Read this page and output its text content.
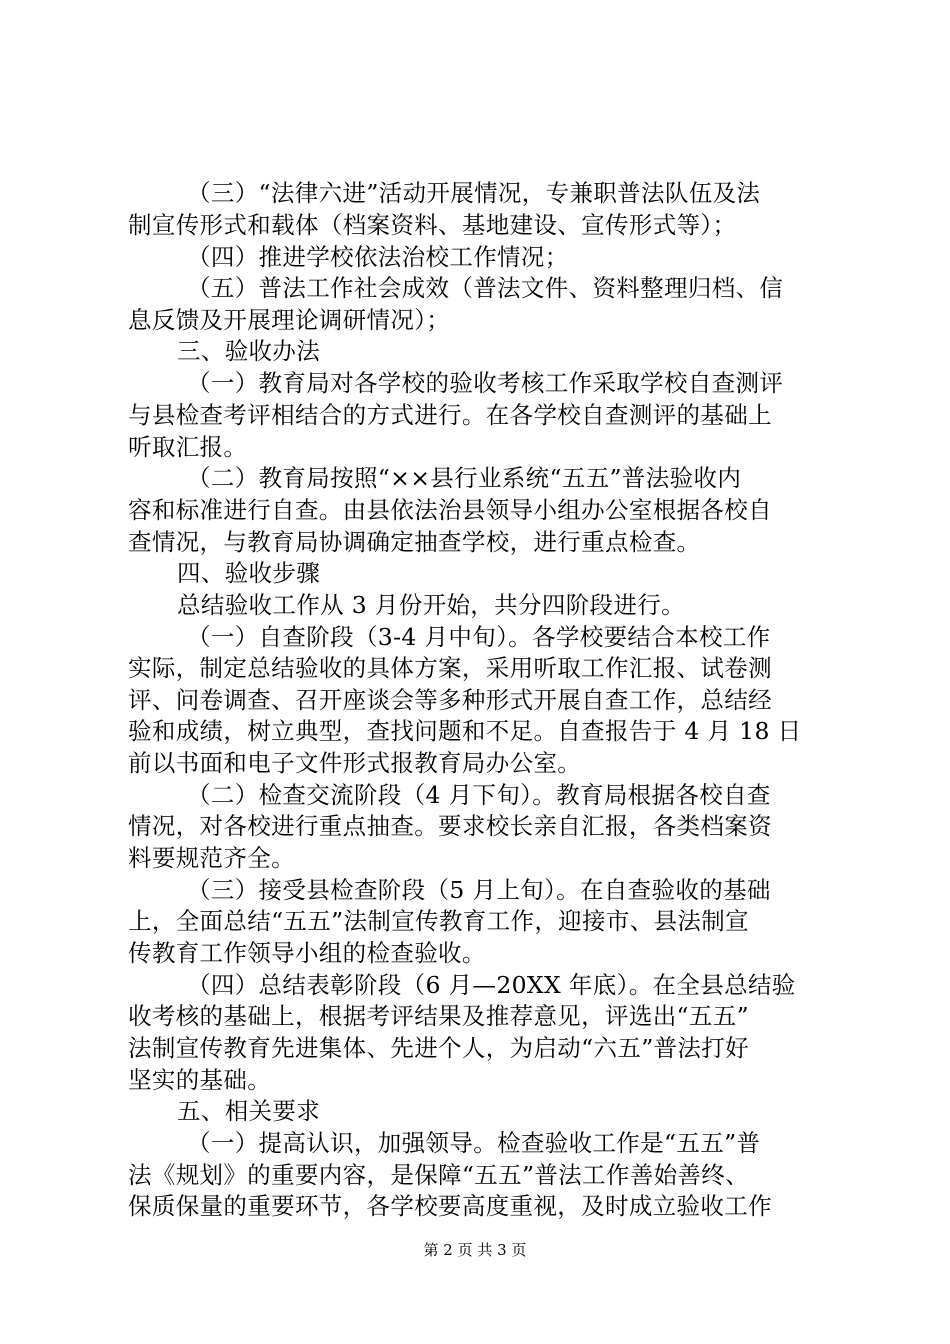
（三）“法律六进”活动开展情况，专兼职普法队伍及法
制宣传形式和载体（档案资料、基地建设、宣传形式等）；
（四）推进学校依法治校工作情况；
（五）普法工作社会成效（普法文件、资料整理归档、信
息反馈及开展理论调研情况）；
三、验收办法
（一）教育局对各学校的验收考核工作采取学校自查测评
与县检查考评相结合的方式进行。在各学校自查测评的基础上
听取汇报。
（二）教育局按照“××县行业系统“五五”普法验收内
容和标准进行自查。由县依法治县领导小组办公室根据各校自
查情况，与教育局协调确定抽查学校，进行重点检查。
四、验收步骤
总结验收工作从 3 月份开始，共分四阶段进行。
（一）自查阶段（3-4 月中旬）。各学校要结合本校工作
实际，制定总结验收的具体方案，采用听取工作汇报、试卷测
评、问卷调查、召开座谈会等多种形式开展自查工作，总结经
验和成绩，树立典型，查找问题和不足。自查报告于 4 月 18 日
前以书面和电子文件形式报教育局办公室。
（二）检查交流阶段（4 月下旬）。教育局根据各校自查
情况，对各校进行重点抽查。要求校长亲自汇报，各类档案资
料要规范齐全。
（三）接受县检查阶段（5 月上旬）。在自查验收的基础
上，全面总结“五五”法制宣传教育工作，迎接市、县法制宣
传教育工作领导小组的检查验收。
（四）总结表彰阶段（6 月—20XX 年底）。在全县总结验
收考核的基础上，根据考评结果及推荐意见，评选出“五五”
法制宣传教育先进集体、先进个人，为启动“六五”普法打好
坚实的基础。
五、相关要求
（一）提高认识，加强领导。检查验收工作是“五五”普
法《规划》的重要内容，是保障“五五”普法工作善始善终、
保质保量的重要环节，各学校要高度重视，及时成立验收工作
第 2 页 共 3 页
